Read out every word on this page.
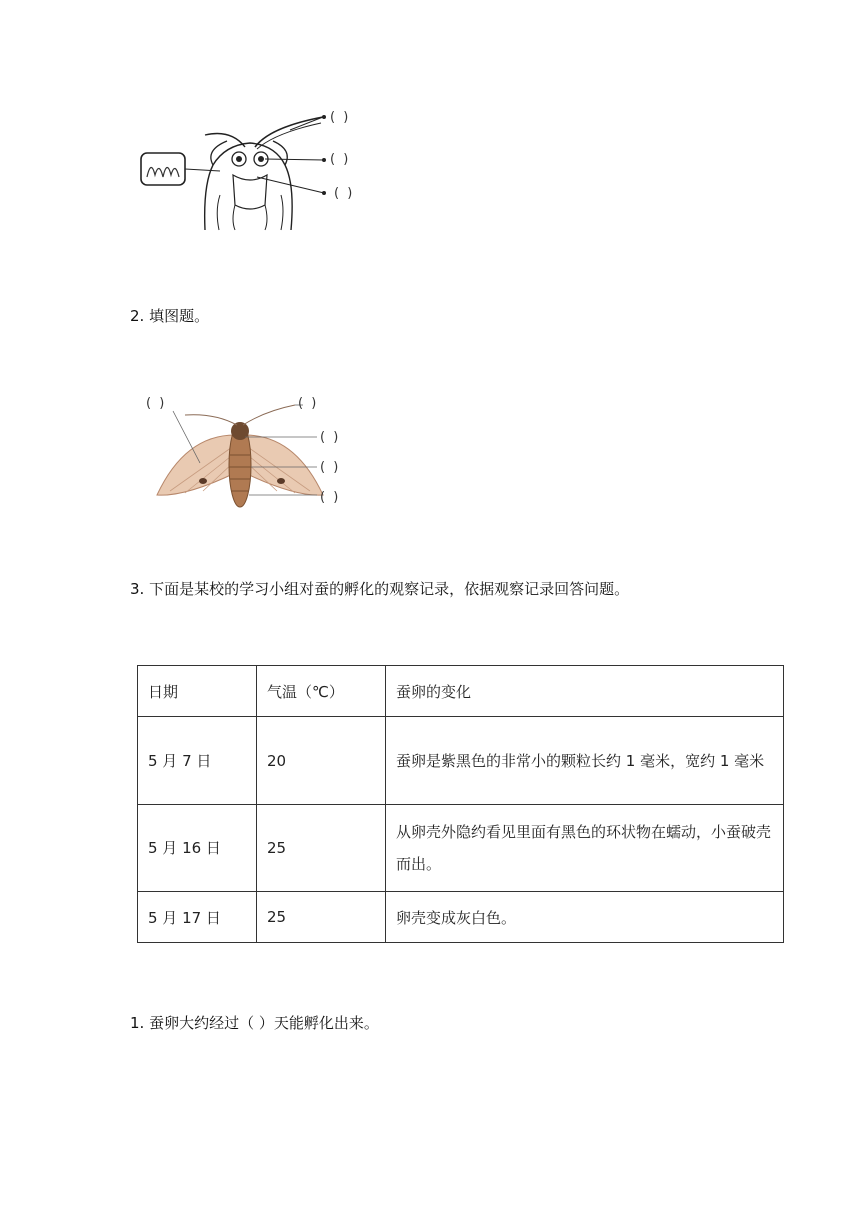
( )
( )
( )
2. 填图题。
( )	( )
( )
( )
( )
3. 下面是某校的学习小组对蚕的孵化的观察记录，依据观察记录回答问题。
日期	气温（℃）	蚕卵的变化
5 月 7 日	20	蚕卵是紫黑色的非常小的颗粒长约 1 毫米，宽约 1 毫米
5 月 16 日	25	从卵壳外隐约看见里面有黑色的环状物在蠕动，小蚕破壳而出。
5 月 17 日	25	卵壳变成灰白色。
1. 蚕卵大约经过（ ）天能孵化出来。
